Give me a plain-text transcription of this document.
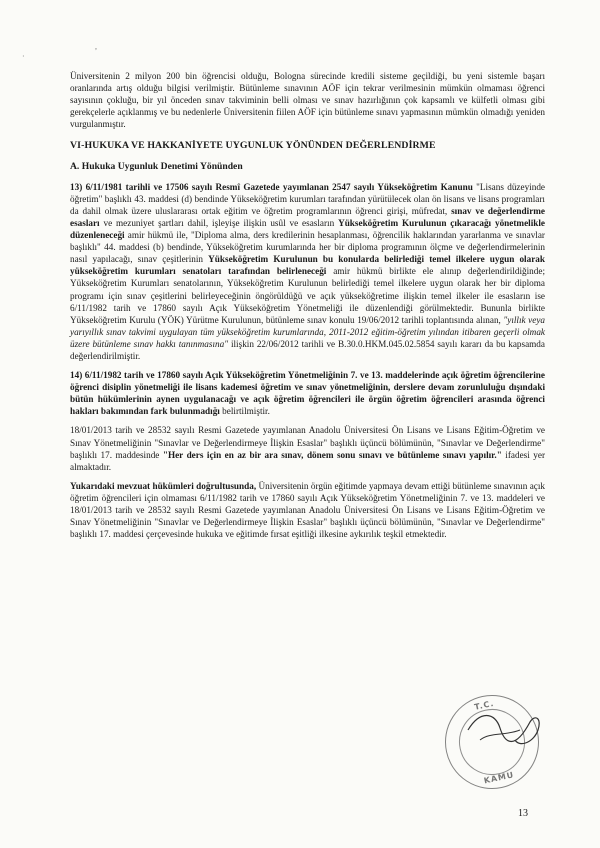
·
,

Üniversitenin 2 milyon 200 bin öğrencisi olduğu, Bologna sürecinde kredili sisteme geçildiği, bu yeni sistemle başarı oranlarında artış olduğu bilgisi verilmiştir. Bütünleme sınavının AÖF için tekrar verilmesinin mümkün olmaması öğrenci sayısının çokluğu, bir yıl önceden sınav takviminin belli olması ve sınav hazırlığının çok kapsamlı ve külfetli olması gibi gerekçelerle açıklanmış ve bu nedenlerle Üniversitenin fiilen AÖF için bütünleme sınavı yapmasının mümkün olmadığı yeniden vurgulanmıştır.

VI-HUKUKA VE HAKKANİYETE UYGUNLUK YÖNÜNDEN DEĞERLENDİRME
A. Hukuka Uygunluk Denetimi Yönünden

13) 6/11/1981 tarihli ve 17506 sayılı Resmî Gazetede yayımlanan 2547 sayılı Yükseköğretim Kanunu "Lisans düzeyinde öğretim" başlıklı 43. maddesi (d) bendinde Yükseköğretim kurumları tarafından yürütülecek olan ön lisans ve lisans programları da dahil olmak üzere uluslararası ortak eğitim ve öğretim programlarının öğrenci girişi, müfredat, sınav ve değerlendirme esasları ve mezuniyet şartları dahil, işleyişe ilişkin usûl ve esasların Yükseköğretim Kurulunun çıkaracağı yönetmelikle düzenleneceği amir hükmü ile, "Diploma alma, ders kredilerinin hesaplanması, öğrencilik haklarından yararlanma ve sınavlar başlıklı" 44. maddesi (b) bendinde, Yükseköğretim kurumlarında her bir diploma programının ölçme ve değerlendirmelerinin nasıl yapılacağı, sınav çeşitlerinin Yükseköğretim Kurulunun bu konularda belirlediği temel ilkelere uygun olarak yükseköğretim kurumları senatoları tarafından belirleneceği amir hükmü birlikte ele alınıp değerlendirildiğinde; Yükseköğretim Kurumları senatolarının, Yükseköğretim Kurulunun belirlediği temel ilkelere uygun olarak her bir diploma programı için sınav çeşitlerini belirleyeceğinin öngörüldüğü ve açık yükseköğretime ilişkin temel ilkeler ile esasların ise 6/11/1982 tarih ve 17860 sayılı Açık Yükseköğretim Yönetmeliği ile düzenlendiği görülmektedir. Bununla birlikte Yükseköğretim Kurulu (YÖK) Yürütme Kurulunun, bütünleme sınav konulu 19/06/2012 tarihli toplantısında alınan, "yıllık veya yarıyıllık sınav takvimi uygulayan tüm yükseköğretim kurumlarında, 2011-2012 eğitim-öğretim yılından itibaren geçerli olmak üzere bütünleme sınav hakkı tanınmasına" ilişkin 22/06/2012 tarihli ve B.30.0.HKM.045.02.5854 sayılı kararı da bu kapsamda değerlendirilmiştir.

14) 6/11/1982 tarih ve 17860 sayılı Açık Yükseköğretim Yönetmeliğinin 7. ve 13. maddelerinde açık öğretim öğrencilerine öğrenci disiplin yönetmeliği ile lisans kademesi öğretim ve sınav yönetmeliğinin, derslere devam zorunluluğu dışındaki bütün hükümlerinin aynen uygulanacağı ve açık öğretim öğrencileri ile örgün öğretim öğrencileri arasında öğrenci hakları bakımından fark bulunmadığı belirtilmiştir.

18/01/2013 tarih ve 28532 sayılı Resmi Gazetede yayımlanan Anadolu Üniversitesi Ön Lisans ve Lisans Eğitim-Öğretim ve Sınav Yönetmeliğinin "Sınavlar ve Değerlendirmeye İlişkin Esaslar" başlıklı üçüncü bölümünün, "Sınavlar ve Değerlendirme" başlıklı 17. maddesinde "Her ders için en az bir ara sınav, dönem sonu sınavı ve bütünleme sınavı yapılır." ifadesi yer almaktadır.

Yukarıdaki mevzuat hükümleri doğrultusunda, Üniversitenin örgün eğitimde yapmaya devam ettiği bütünleme sınavının açık öğretim öğrencileri için olmaması 6/11/1982 tarih ve 17860 sayılı Açık Yükseköğretim Yönetmeliğinin 7. ve 13. maddeleri ve 18/01/2013 tarih ve 28532 sayılı Resmi Gazetede yayımlanan Anadolu Üniversitesi Ön Lisans ve Lisans Eğitim-Öğretim ve Sınav Yönetmeliğinin "Sınavlar ve Değerlendirmeye İlişkin Esaslar" başlıklı üçüncü bölümünün, "Sınavlar ve Değerlendirme" başlıklı 17. maddesi çerçevesinde hukuka ve eğitimde fırsat eşitliği ilkesine aykırılık teşkil etmektedir.

T.C.
KAMU
13
